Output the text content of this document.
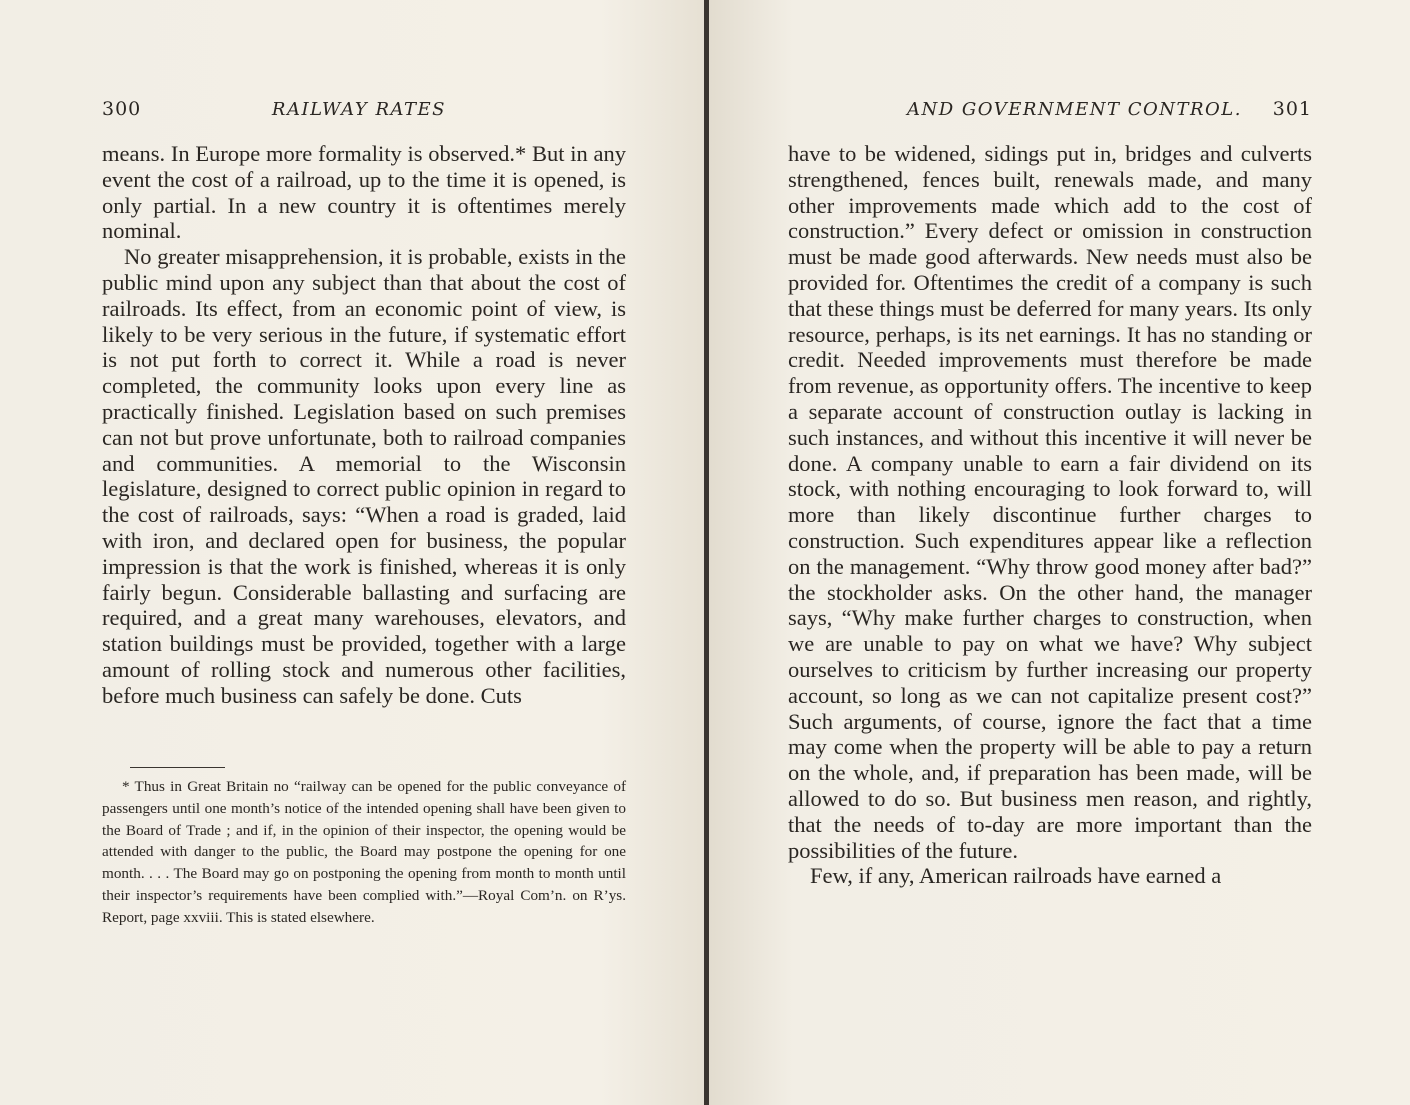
300	RAILWAY RATES

means. In Europe more formality is observed.* But in any event the cost of a railroad, up to the time it is opened, is only partial. In a new country it is oftentimes merely nominal.

No greater misapprehension, it is probable, exists in the public mind upon any subject than that about the cost of railroads. Its effect, from an economic point of view, is likely to be very serious in the future, if systematic effort is not put forth to correct it. While a road is never completed, the community looks upon every line as practically finished. Legislation based on such premises can not but prove unfortunate, both to railroad companies and communities. A memorial to the Wisconsin legislature, designed to correct public opinion in regard to the cost of railroads, says: “When a road is graded, laid with iron, and declared open for business, the popular impression is that the work is finished, whereas it is only fairly begun. Considerable ballasting and surfacing are required, and a great many warehouses, elevators, and station buildings must be provided, together with a large amount of rolling stock and numerous other facilities, before much business can safely be done. Cuts

* Thus in Great Britain no “railway can be opened for the public conveyance of passengers until one month’s notice of the intended opening shall have been given to the Board of Trade ; and if, in the opinion of their inspector, the opening would be attended with danger to the public, the Board may postpone the opening for one month. . . . The Board may go on postponing the opening from month to month until their inspector’s requirements have been complied with.”—Royal Com’n. on R’ys. Report, page xxviii. This is stated elsewhere.

AND GOVERNMENT CONTROL. 301

have to be widened, sidings put in, bridges and culverts strengthened, fences built, renewals made, and many other improvements made which add to the cost of construction.” Every defect or omission in construction must be made good afterwards. New needs must also be provided for. Oftentimes the credit of a company is such that these things must be deferred for many years. Its only resource, perhaps, is its net earnings. It has no standing or credit. Needed improvements must therefore be made from revenue, as opportunity offers. The incentive to keep a separate account of construction outlay is lacking in such instances, and without this incentive it will never be done. A company unable to earn a fair dividend on its stock, with nothing encouraging to look forward to, will more than likely discontinue further charges to construction. Such expenditures appear like a reflection on the management. “Why throw good money after bad?” the stockholder asks. On the other hand, the manager says, “Why make further charges to construction, when we are unable to pay on what we have? Why subject ourselves to criticism by further increasing our property account, so long as we can not capitalize present cost?” Such arguments, of course, ignore the fact that a time may come when the property will be able to pay a return on the whole, and, if preparation has been made, will be allowed to do so. But business men reason, and rightly, that the needs of to-day are more important than the possibilities of the future.

Few, if any, American railroads have earned a
